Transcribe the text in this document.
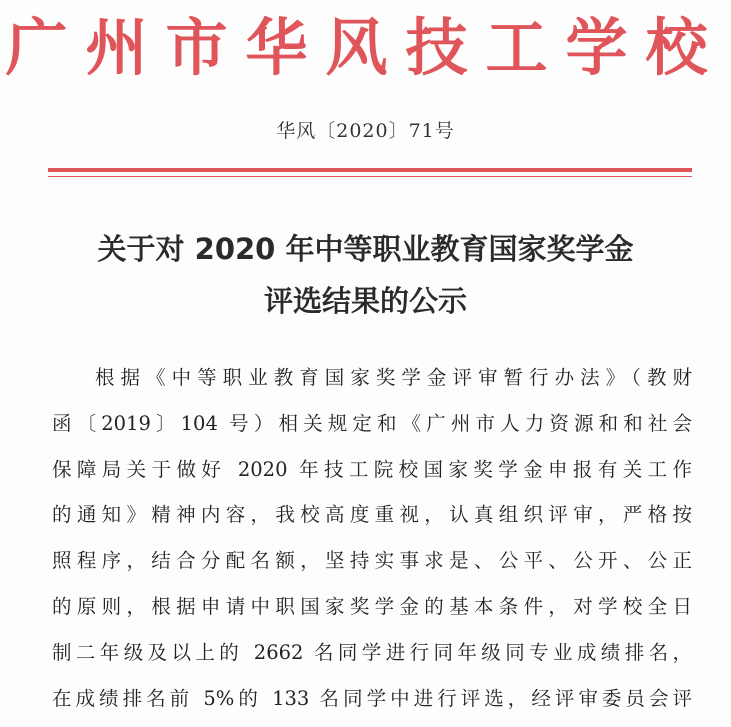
广州市华风技工学校
华风〔2020〕71号
关于对 2020 年中等职业教育国家奖学金
评选结果的公示
根据《中等职业教育国家奖学金评审暂行办法》（教财
函〔2019〕104 号）相关规定和《广州市人力资源和和社会
保障局关于做好 2020 年技工院校国家奖学金申报有关工作
的通知》精神内容，我校高度重视，认真组织评审，严格按
照程序，结合分配名额，坚持实事求是、公平、公开、公正
的原则，根据申请中职国家奖学金的基本条件，对学校全日
制二年级及以上的 2662 名同学进行同年级同专业成绩排名，
在成绩排名前 5%的 133 名同学中进行评选，经评审委员会评
